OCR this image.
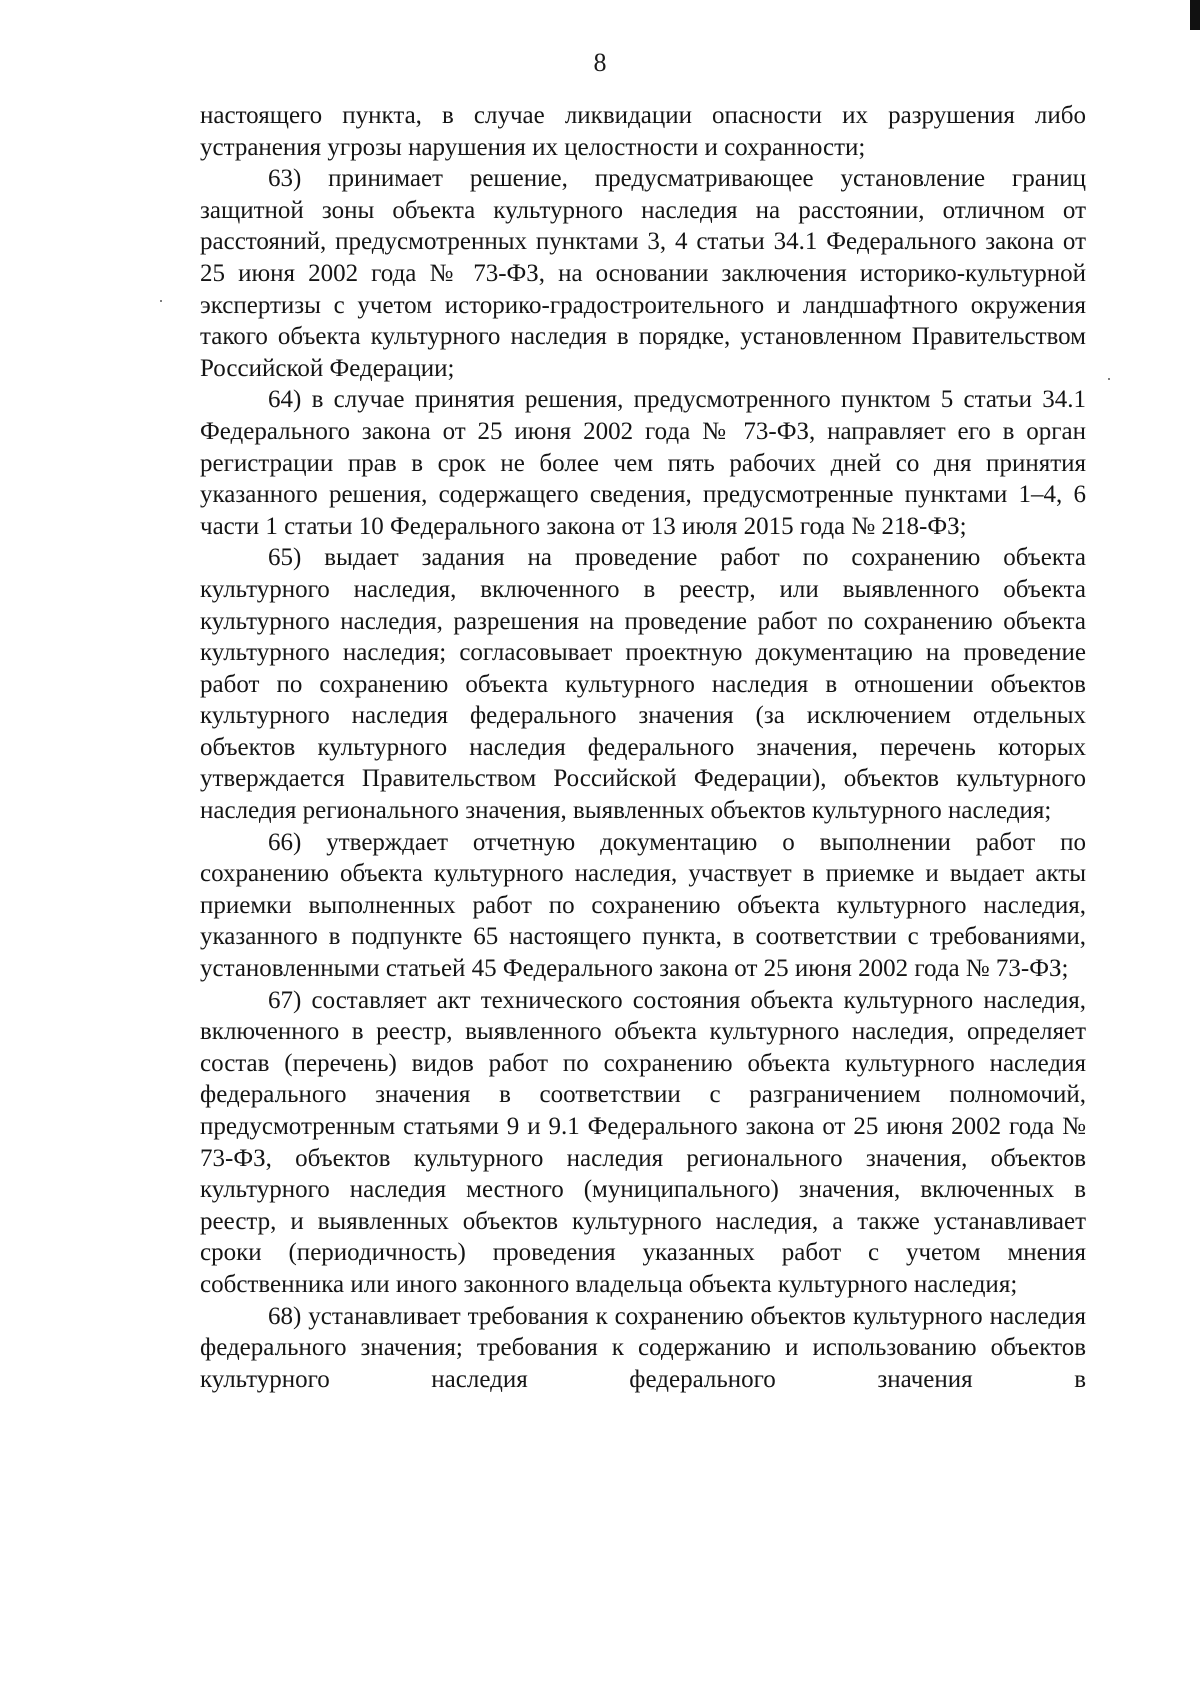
8

настоящего пункта, в случае ликвидации опасности их разрушения либо устранения угрозы нарушения их целостности и сохранности;

63) принимает решение, предусматривающее установление границ защитной зоны объекта культурного наследия на расстоянии, отличном от расстояний, предусмотренных пунктами 3, 4 статьи 34.1 Федерального закона от 25 июня 2002 года № 73-ФЗ, на основании заключения историко-культурной экспертизы с учетом историко-градостроительного и ландшафтного окружения такого объекта культурного наследия в порядке, установленном Правительством Российской Федерации;

64) в случае принятия решения, предусмотренного пунктом 5 статьи 34.1 Федерального закона от 25 июня 2002 года № 73-ФЗ, направляет его в орган регистрации прав в срок не более чем пять рабочих дней со дня принятия указанного решения, содержащего сведения, предусмотренные пунктами 1–4, 6 части 1 статьи 10 Федерального закона от 13 июля 2015 года № 218-ФЗ;

65) выдает задания на проведение работ по сохранению объекта культурного наследия, включенного в реестр, или выявленного объекта культурного наследия, разрешения на проведение работ по сохранению объекта культурного наследия; согласовывает проектную документацию на проведение работ по сохранению объекта культурного наследия в отношении объектов культурного наследия федерального значения (за исключением отдельных объектов культурного наследия федерального значения, перечень которых утверждается Правительством Российской Федерации), объектов культурного наследия регионального значения, выявленных объектов культурного наследия;

66) утверждает отчетную документацию о выполнении работ по сохранению объекта культурного наследия, участвует в приемке и выдает акты приемки выполненных работ по сохранению объекта культурного наследия, указанного в подпункте 65 настоящего пункта, в соответствии с требованиями, установленными статьей 45 Федерального закона от 25 июня 2002 года № 73-ФЗ;

67) составляет акт технического состояния объекта культурного наследия, включенного в реестр, выявленного объекта культурного наследия, определяет состав (перечень) видов работ по сохранению объекта культурного наследия федерального значения в соответствии с разграничением полномочий, предусмотренным статьями 9 и 9.1 Федерального закона от 25 июня 2002 года № 73-ФЗ, объектов культурного наследия регионального значения, объектов культурного наследия местного (муниципального) значения, включенных в реестр, и выявленных объектов культурного наследия, а также устанавливает сроки (периодичность) проведения указанных работ с учетом мнения собственника или иного законного владельца объекта культурного наследия;

68) устанавливает требования к сохранению объектов культурного наследия федерального значения; требования к содержанию и использованию объектов культурного наследия федерального значения в
